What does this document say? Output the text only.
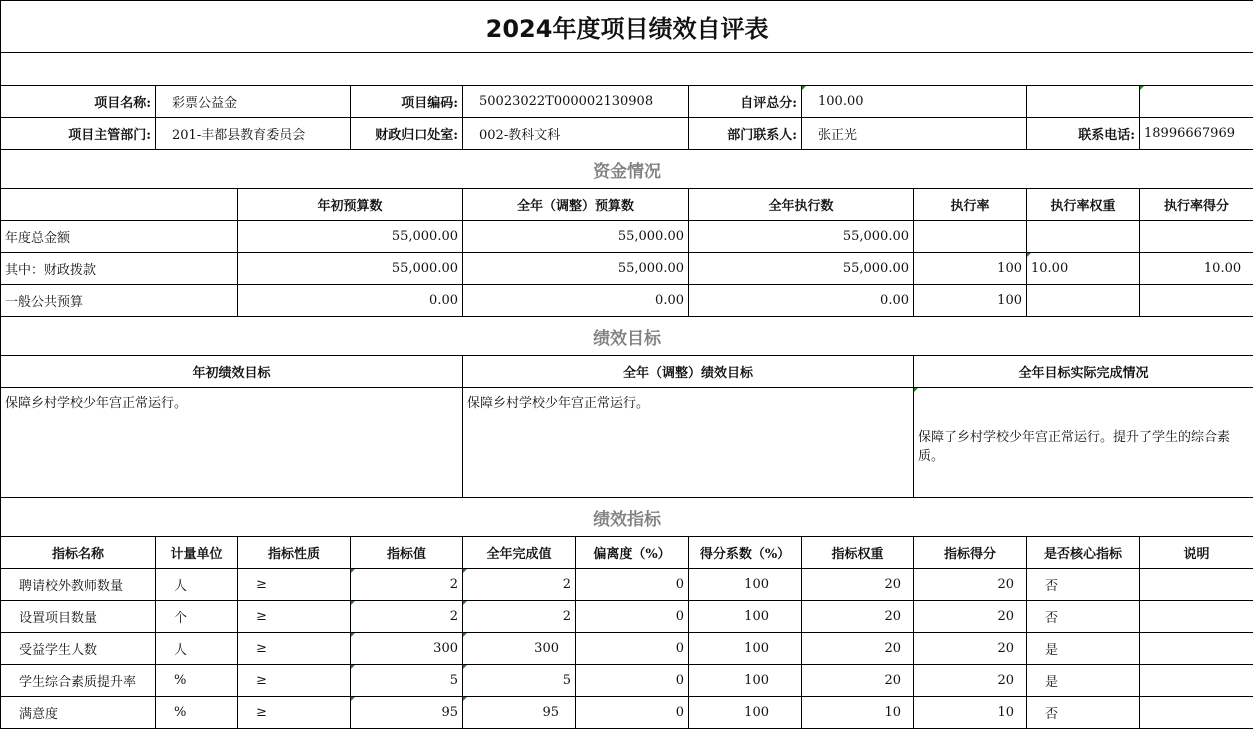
2024年度项目绩效自评表										

项目名称:	彩票公益金		项目编码:	50023022T000002130908		自评总分:	100.00			
项目主管部门:	201-丰都县教育委员会		财政归口处室:	002-教科文科		部门联系人:	张正光		联系电话:	18996667969
资金情况										
		年初预算数		全年（调整）预算数		全年执行数		执行率	执行率权重	执行率得分
年度总金额		55,000.00		55,000.00		55,000.00				
其中：财政拨款		55,000.00		55,000.00		55,000.00		100	10.00	10.00
一般公共预算		0.00		0.00		0.00		100		
绩效目标										
年初绩效目标				全年（调整）绩效目标				全年目标实际完成情况		
保障乡村学校少年宫正常运行。				保障乡村学校少年宫正常运行。				保障了乡村学校少年宫正常运行。提升了学生的综合素质。		
绩效指标										
指标名称	计量单位	指标性质	指标值	全年完成值	偏离度（%）	得分系数（%）	指标权重	指标得分	是否核心指标	说明
聘请校外教师数量	人	≥	2	2	0	100	20	20	否	
设置项目数量	个	≥	2	2	0	100	20	20	否	
受益学生人数	人	≥	300	300	0	100	20	20	是	
学生综合素质提升率	%	≥	5	5	0	100	20	20	是	
满意度	%	≥	95	95	0	100	10	10	否	
